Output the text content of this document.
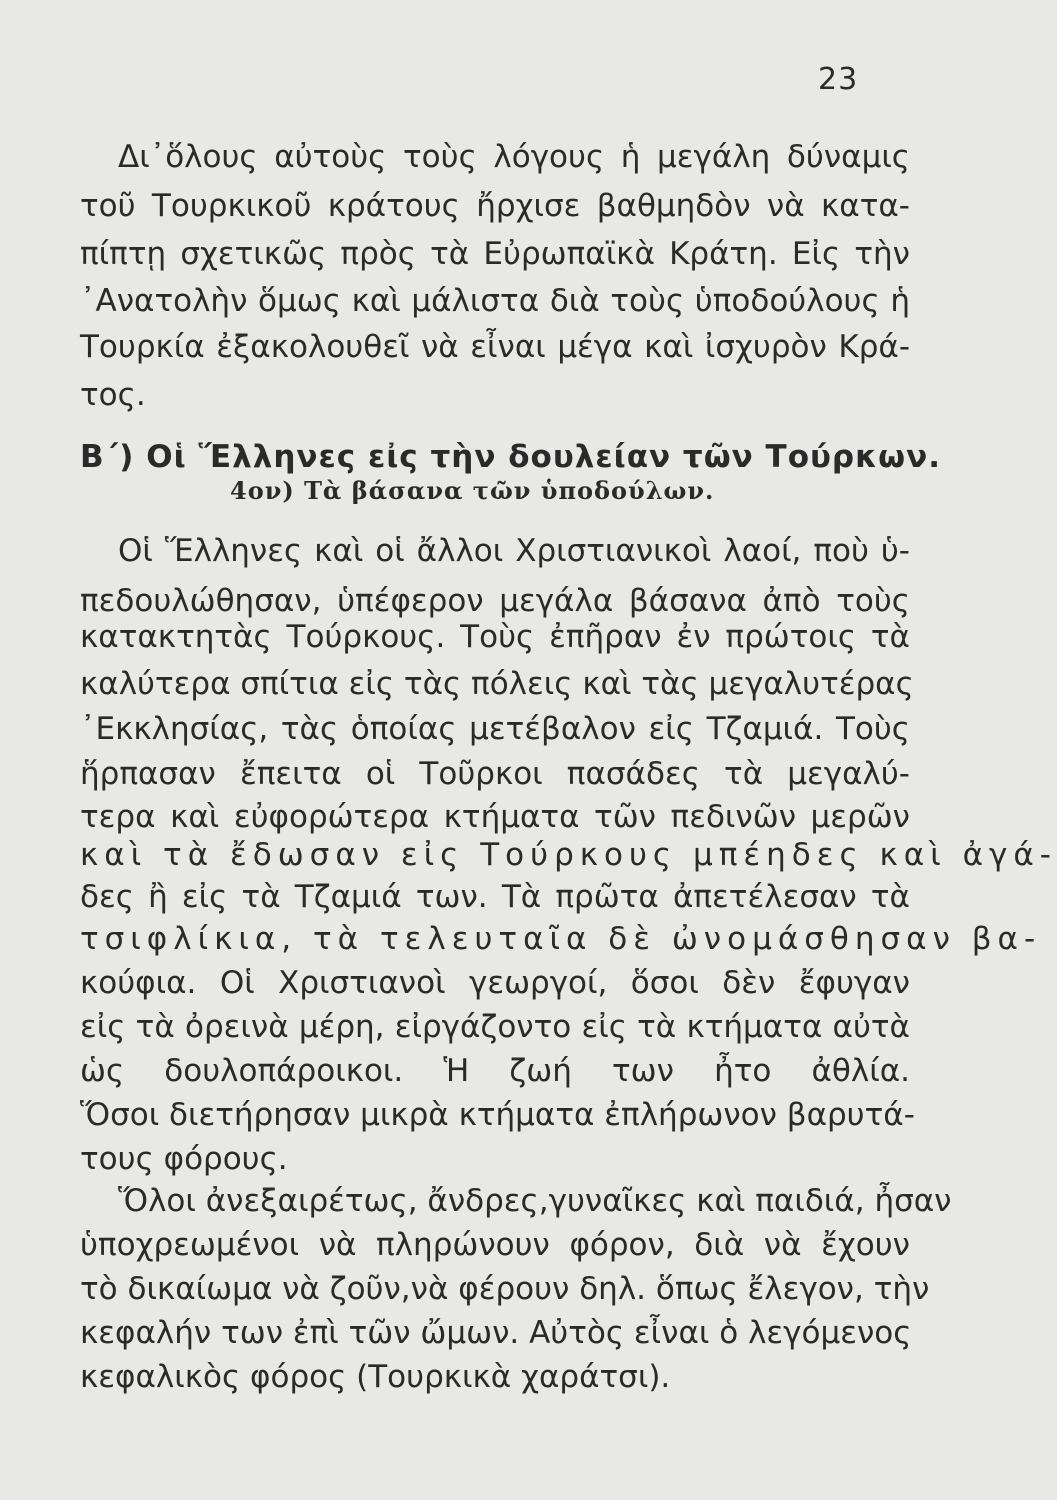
23
Δι᾽ὅλους αὐτοὺς τοὺς λόγους ἡ μεγάλη δύναμις
τοῦ Τουρκικοῦ κράτους ἤρχισε βαθμηδὸν νὰ κατα-
πίπτῃ σχετικῶς πρὸς τὰ Εὐρωπαϊκὰ Κράτη. Εἰς τὴν
᾽Ανατολὴν ὅμως καὶ μάλιστα διὰ τοὺς ὑποδούλους ἡ
Τουρκία ἐξακολουθεῖ νὰ εἶναι μέγα καὶ ἰσχυρὸν Κρά-
τος.
Β΄) Οἱ Ἕλληνες εἰς τὴν δουλείαν τῶν Τούρκων.
4ον) Τὰ βάσανα τῶν ὑποδούλων.
Οἱ Ἕλληνες καὶ οἱ ἄλλοι Χριστιανικοὶ λαοί, ποὺ ὑ-
πεδουλώθησαν, ὑπέφερον μεγάλα βάσανα ἀπὸ τοὺς
κατακτητὰς Τούρκους. Τοὺς ἐπῆραν ἐν πρώτοις τὰ
καλύτερα σπίτια εἰς τὰς πόλεις καὶ τὰς μεγαλυτέρας
᾽Εκκλησίας, τὰς ὁποίας μετέβαλον εἰς Τζαμιά. Τοὺς
ἥρπασαν ἔπειτα οἱ Τοῦρκοι πασάδες τὰ μεγαλύ-
τερα καὶ εὐφορώτερα κτήματα τῶν πεδινῶν μερῶν
καὶ τὰ ἔδωσαν εἰς Τούρκους μπέηδες καὶ ἀγά-
δες ἢ εἰς τὰ Τζαμιά των. Τὰ πρῶτα ἀπετέλεσαν τὰ
τσιφλίκια, τὰ τελευταῖα δὲ ὠνομάσθησαν βα-
κούφια. Οἱ Χριστιανοὶ γεωργοί, ὅσοι δὲν ἔφυγαν
εἰς τὰ ὀρεινὰ μέρη, εἰργάζοντο εἰς τὰ κτήματα αὐτὰ
ὡς δουλοπάροικοι. Ἡ ζωή των ἦτο ἀθλία.
Ὅσοι διετήρησαν μικρὰ κτήματα ἐπλήρωνον βαρυτά-
τους φόρους.
Ὅλοι ἀνεξαιρέτως, ἄνδρες,γυναῖκες καὶ παιδιά, ἦσαν
ὑποχρεωμένοι νὰ πληρώνουν φόρον, διὰ νὰ ἔχουν
τὸ δικαίωμα νὰ ζοῦν,νὰ φέρουν δηλ. ὅπως ἔλεγον, τὴν
κεφαλήν των ἐπὶ τῶν ὤμων. Αὐτὸς εἶναι ὁ λεγόμενος
κεφαλικὸς φόρος (Τουρκικὰ χαράτσι).
